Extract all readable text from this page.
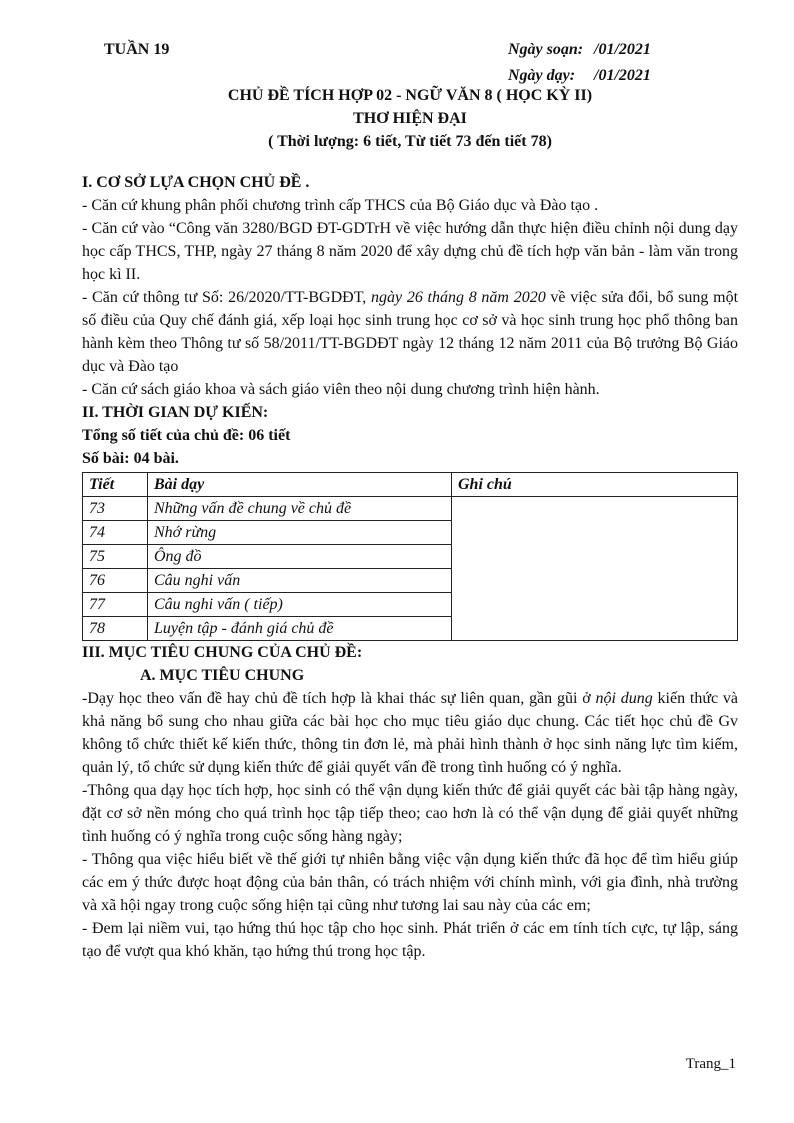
TUẦN 19	Ngày soạn: /01/2021
Ngày dạy: /01/2021
CHỦ ĐỀ TÍCH HỢP 02 - NGỮ VĂN 8 ( HỌC KỲ II)
THƠ HIỆN ĐẠI
( Thời lượng: 6 tiết, Từ tiết 73 đến tiết 78)
I. CƠ SỞ LỰA CHỌN CHỦ ĐỀ .

- Căn cứ khung phân phối chương trình cấp THCS của Bộ Giáo dục và Đào tạo .

- Căn cứ vào “Công văn 3280/BGD ĐT-GDTrH về việc hướng dẫn thực hiện điều chỉnh nội dung dạy học cấp THCS, THP, ngày 27 tháng 8 năm 2020 để xây dựng chủ đề tích hợp văn bản - làm văn trong học kì II.

- Căn cứ thông tư Số: 26/2020/TT-BGDĐT, ngày 26 tháng 8 năm 2020 về việc sửa đổi, bổ sung một số điều của Quy chế đánh giá, xếp loại học sinh trung học cơ sở và học sinh trung học phổ thông ban hành kèm theo Thông tư số 58/2011/TT-BGDĐT ngày 12 tháng 12 năm 2011 của Bộ trưởng Bộ Giáo dục và Đào tạo

- Căn cứ sách giáo khoa và sách giáo viên theo nội dung chương trình hiện hành.

II. THỜI GIAN DỰ KIẾN:
Tổng số tiết của chủ đề: 06 tiết
Số bài: 04 bài.
Tiết	Bài dạy	Ghi chú
73	Những vấn đề chung về chủ đề	
74	Nhớ rừng	
75	Ông đồ	
76	Câu nghi vấn	
77	Câu nghi vấn ( tiếp)	
78	Luyện tập - đánh giá chủ đề	
III. MỤC TIÊU CHUNG CỦA CHỦ ĐỀ:
A. MỤC TIÊU CHUNG

-Dạy học theo vấn đề hay chủ đề tích hợp là khai thác sự liên quan, gần gũi ở nội dung kiến thức và khả năng bổ sung cho nhau giữa các bài học cho mục tiêu giáo dục chung. Các tiết học chủ đề Gv không tổ chức thiết kế kiến thức, thông tin đơn lẻ, mà phải hình thành ở học sinh năng lực tìm kiếm, quản lý, tổ chức sử dụng kiến thức để giải quyết vấn đề trong tình huống có ý nghĩa.

-Thông qua dạy học tích hợp, học sinh có thể vận dụng kiến thức để giải quyết các bài tập hàng ngày, đặt cơ sở nền móng cho quá trình học tập tiếp theo; cao hơn là có thể vận dụng để giải quyết những tình huống có ý nghĩa trong cuộc sống hàng ngày;

- Thông qua việc hiểu biết về thế giới tự nhiên bằng việc vận dụng kiến thức đã học để tìm hiểu giúp các em ý thức được hoạt động của bản thân, có trách nhiệm với chính mình, với gia đình, nhà trường và xã hội ngay trong cuộc sống hiện tại cũng như tương lai sau này của các em;

- Đem lại niềm vui, tạo hứng thú học tập cho học sinh. Phát triển ở các em tính tích cực, tự lập, sáng tạo để vượt qua khó khăn, tạo hứng thú trong học tập.

Trang_1
